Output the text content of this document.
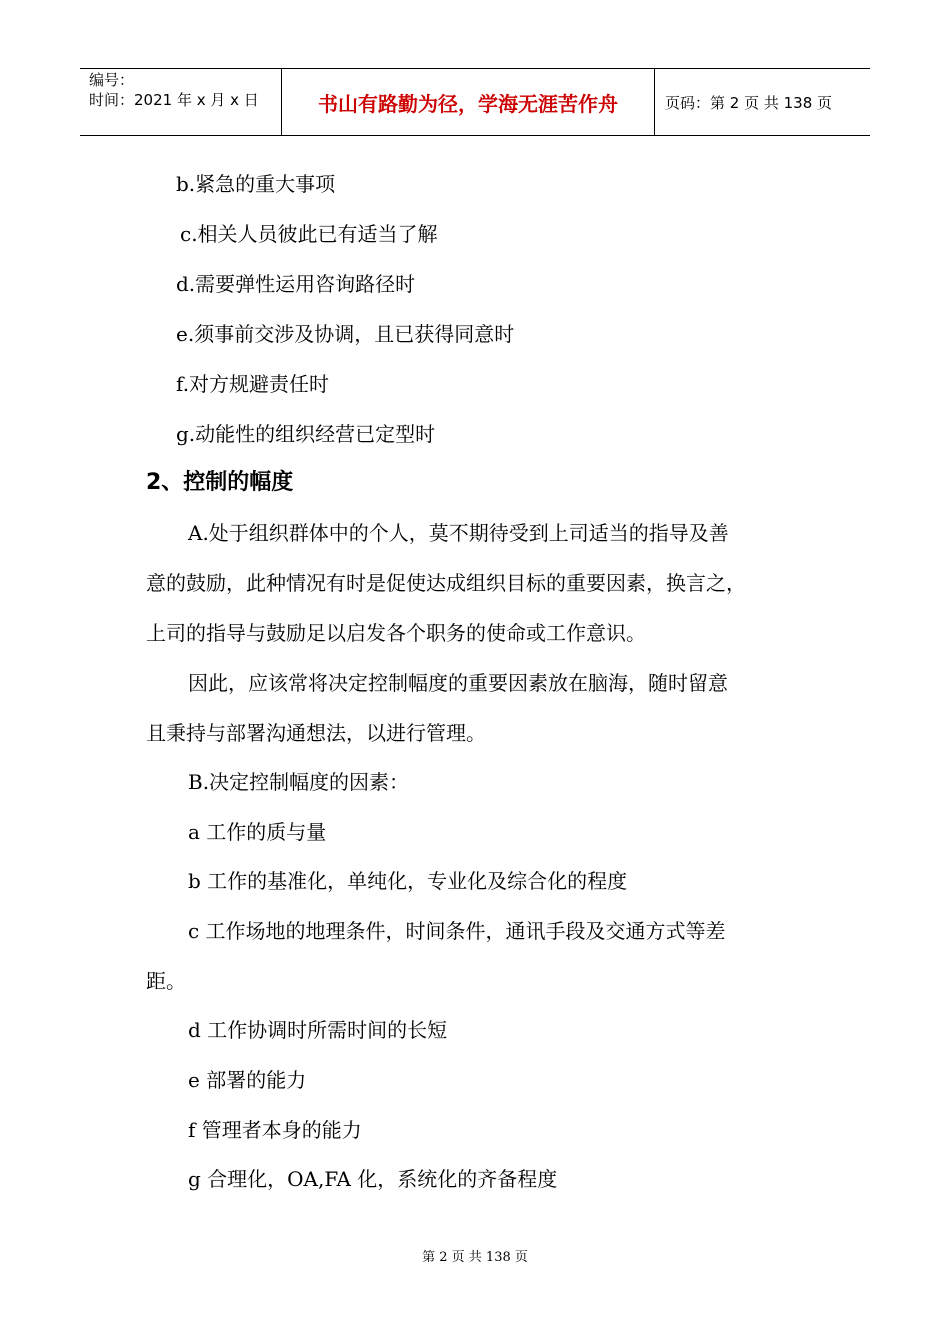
编号：
时间：2021 年 x 月 x 日	书山有路勤为径，学海无涯苦作舟	页码：第 2 页 共 138 页
b.紧急的重大事项
c.相关人员彼此已有适当了解
d.需要弹性运用咨询路径时
e.须事前交涉及协调，且已获得同意时
f.对方规避责任时
g.动能性的组织经营已定型时
2、控制的幅度
A.处于组织群体中的个人，莫不期待受到上司适当的指导及善
意的鼓励，此种情况有时是促使达成组织目标的重要因素，换言之，
上司的指导与鼓励足以启发各个职务的使命或工作意识。
因此，应该常将决定控制幅度的重要因素放在脑海，随时留意
且秉持与部署沟通想法，以进行管理。
B.决定控制幅度的因素：
a 工作的质与量
b 工作的基准化，单纯化，专业化及综合化的程度
c 工作场地的地理条件，时间条件，通讯手段及交通方式等差
距。
d 工作协调时所需时间的长短
e 部署的能力
f 管理者本身的能力
g 合理化，OA,FA 化，系统化的齐备程度
第 2 页 共 138 页
